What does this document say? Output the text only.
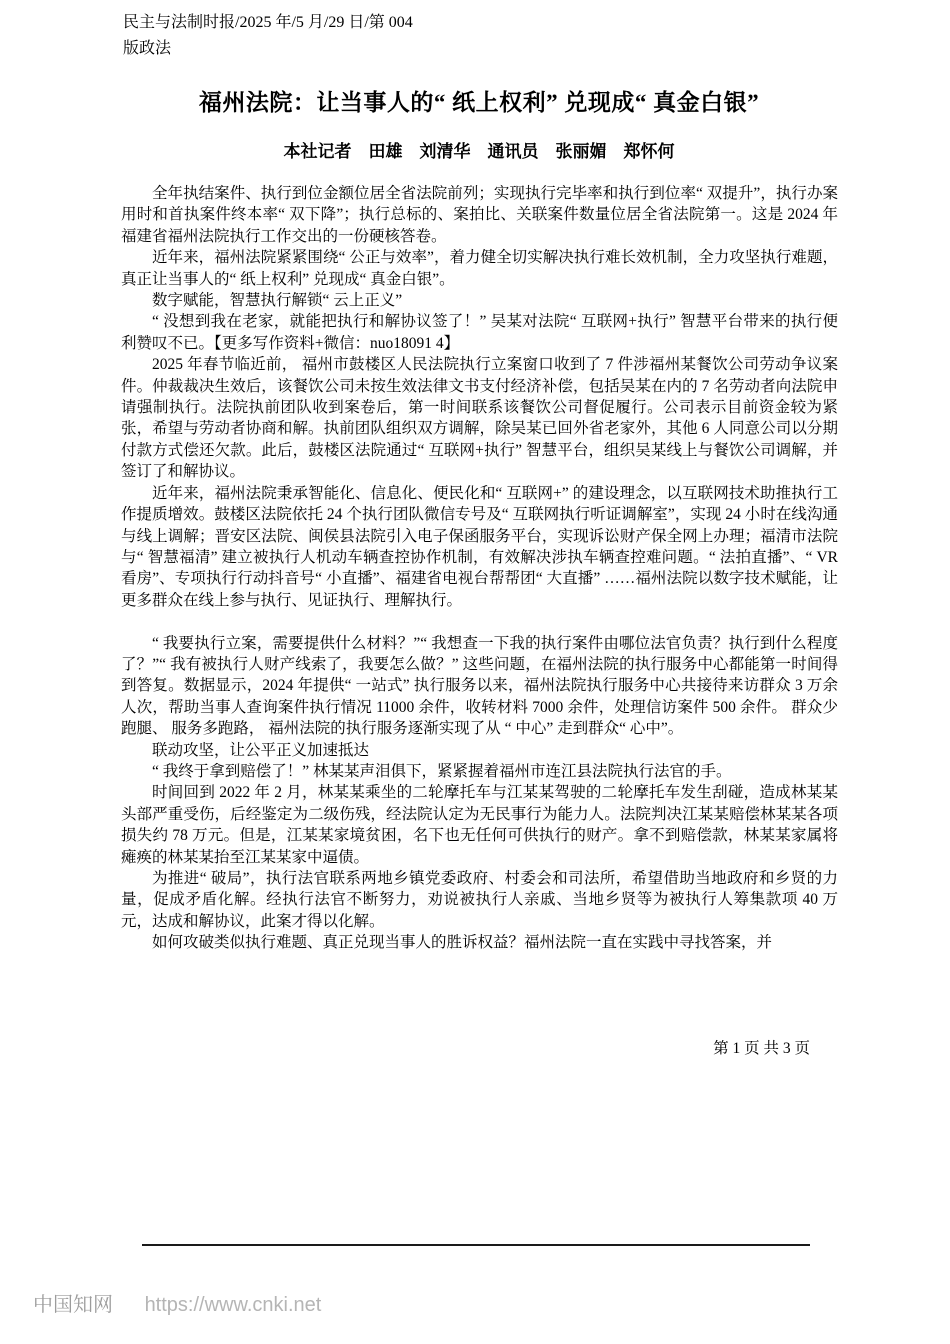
民主与法制时报/2025 年/5 月/29 日/第 004
版政法
福州法院：让当事人的“ 纸上权利” 兑现成“ 真金白银”
本社记者　田雄　刘清华　通讯员　张丽媚　郑怀何

全年执结案件、执行到位金额位居全省法院前列；实现执行完毕率和执行到位率“ 双提升”，执行办案用时和首执案件终本率“ 双下降”；执行总标的、案拍比、关联案件数量位居全省法院第一。这是 2024 年福建省福州法院执行工作交出的一份硬核答卷。

近年来，福州法院紧紧围绕“ 公正与效率”，着力健全切实解决执行难长效机制，全力攻坚执行难题，真正让当事人的“ 纸上权利” 兑现成“ 真金白银”。

数字赋能，智慧执行解锁“ 云上正义”

“ 没想到我在老家，就能把执行和解协议签了！” 吴某对法院“ 互联网+执行” 智慧平台带来的执行便利赞叹不已。【更多写作资料+微信：nuo18091 4】

2025 年春节临近前， 福州市鼓楼区人民法院执行立案窗口收到了 7 件涉福州某餐饮公司劳动争议案件。仲裁裁决生效后，该餐饮公司未按生效法律文书支付经济补偿，包括吴某在内的 7 名劳动者向法院申请强制执行。法院执前团队收到案卷后，第一时间联系该餐饮公司督促履行。公司表示目前资金较为紧张，希望与劳动者协商和解。执前团队组织双方调解，除吴某已回外省老家外，其他 6 人同意公司以分期付款方式偿还欠款。此后，鼓楼区法院通过“ 互联网+执行” 智慧平台，组织吴某线上与餐饮公司调解，并签订了和解协议。

近年来，福州法院秉承智能化、信息化、便民化和“ 互联网+” 的建设理念，以互联网技术助推执行工作提质增效。鼓楼区法院依托 24 个执行团队微信专号及“ 互联网执行听证调解室”，实现 24 小时在线沟通与线上调解；晋安区法院、闽侯县法院引入电子保函服务平台，实现诉讼财产保全网上办理；福清市法院与“ 智慧福清” 建立被执行人机动车辆查控协作机制，有效解决涉执车辆查控难问题。“ 法拍直播”、“ VR 看房”、专项执行行动抖音号“ 小直播”、福建省电视台帮帮团“ 大直播” ……福州法院以数字技术赋能，让更多群众在线上参与执行、见证执行、理解执行。

“ 我要执行立案，需要提供什么材料？”“ 我想查一下我的执行案件由哪位法官负责？执行到什么程度了？”“ 我有被执行人财产线索了，我要怎么做？” 这些问题，在福州法院的执行服务中心都能第一时间得到答复。数据显示，2024 年提供“ 一站式” 执行服务以来，福州法院执行服务中心共接待来访群众 3 万余人次，帮助当事人查询案件执行情况 11000 余件，收转材料 7000 余件，处理信访案件 500 余件。 群众少跑腿、 服务多跑路， 福州法院的执行服务逐渐实现了从 “ 中心” 走到群众“ 心中”。

联动攻坚，让公平正义加速抵达

“ 我终于拿到赔偿了！” 林某某声泪俱下，紧紧握着福州市连江县法院执行法官的手。

时间回到 2022 年 2 月，林某某乘坐的二轮摩托车与江某某驾驶的二轮摩托车发生刮碰，造成林某某头部严重受伤，后经鉴定为二级伤残，经法院认定为无民事行为能力人。法院判决江某某赔偿林某某各项损失约 78 万元。但是，江某某家境贫困，名下也无任何可供执行的财产。拿不到赔偿款，林某某家属将瘫痪的林某某抬至江某某家中逼债。

为推进“ 破局”，执行法官联系两地乡镇党委政府、村委会和司法所，希望借助当地政府和乡贤的力量，促成矛盾化解。经执行法官不断努力，劝说被执行人亲戚、当地乡贤等为被执行人筹集款项 40 万元，达成和解协议，此案才得以化解。

如何攻破类似执行难题、真正兑现当事人的胜诉权益？福州法院一直在实践中寻找答案，并

第 1 页 共 3 页
中国知网 https://www.cnki.net
